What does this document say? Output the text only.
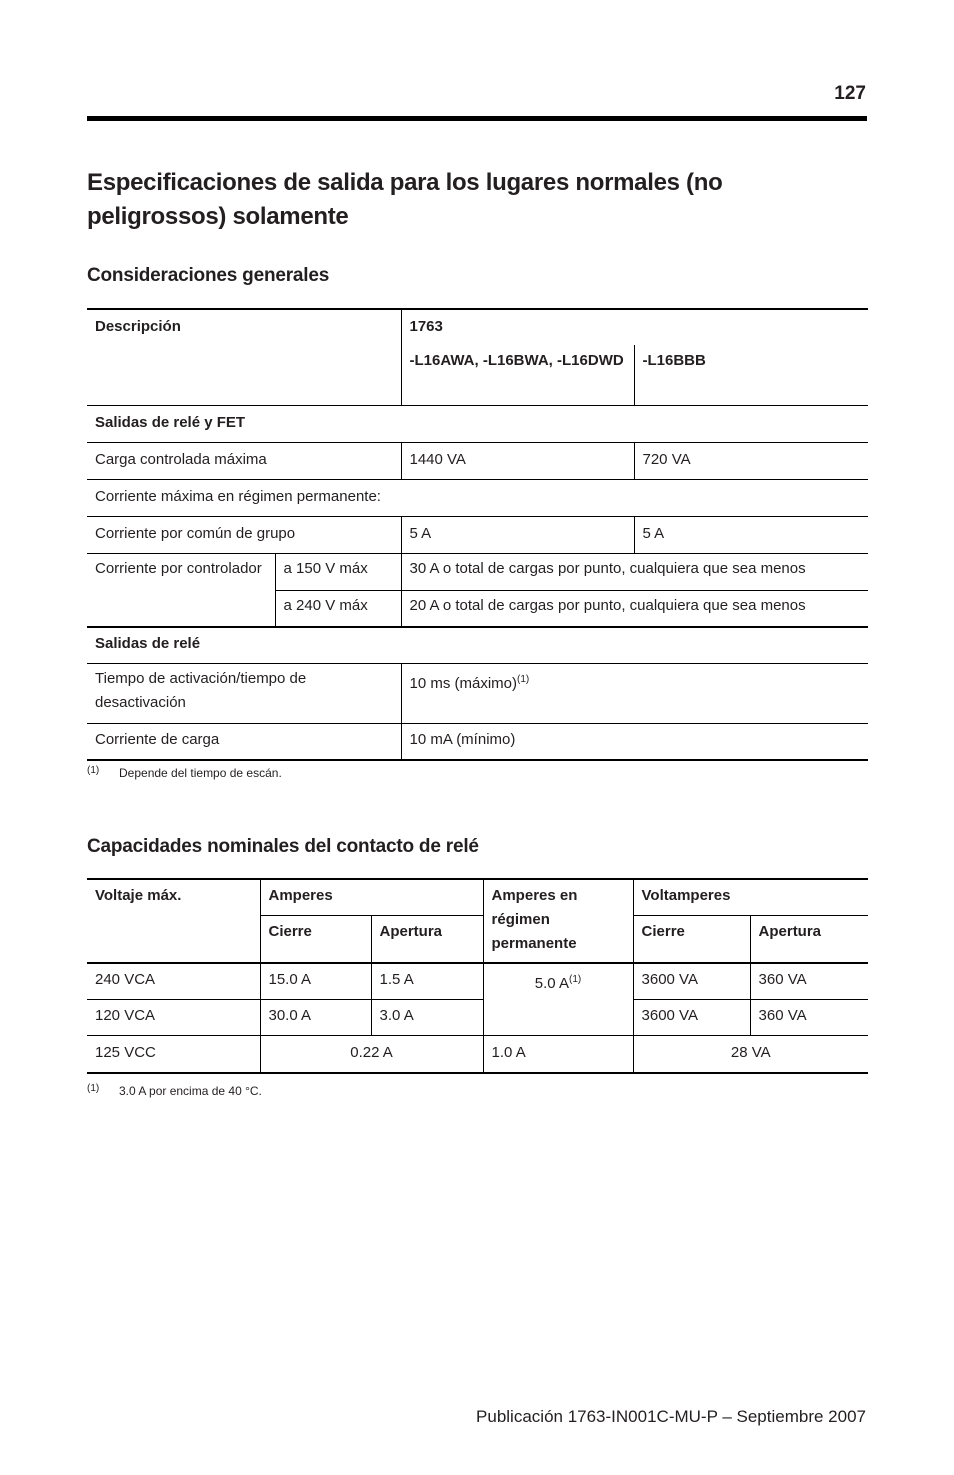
127
Especificaciones de salida para los lugares normales (no peligrossos) solamente
Consideraciones generales
Descripción		1763	
		-L16AWA, -L16BWA, -L16DWD	-L16BBB
Salidas de relé y FET			
Carga controlada máxima		1440 VA	720 VA
Corriente máxima en régimen permanente:			
Corriente por común de grupo		5 A	5 A
Corriente por controlador	a 150 V máx	30 A o total de cargas por punto, cualquiera que sea menos	
	a 240 V máx	20 A o total de cargas por punto, cualquiera que sea menos	
Salidas de relé			
Tiempo de activación/tiempo de desactivación		10 ms (máximo)$^{(1)}$
Corriente de carga		10 mA (mínimo)	
(1) Depende del tiempo de escán.
Capacidades nominales del contacto de relé
Voltaje máx.	Amperes		Amperes en régimen permanente	Voltamperes	
	Cierre	Apertura		Cierre	Apertura
240 VCA	15.0 A	1.5 A	5.0 $A^{(1)}$	3600 VA	360 VA
120 VCA	30.0 A	3.0 A		3600 VA	360 VA
125 VCC	0.22 A		1.0 A	28 VA	
(1) 3.0 A por encima de 40 °C.
Publicación 1763-IN001C-MU-P – Septiembre 2007
